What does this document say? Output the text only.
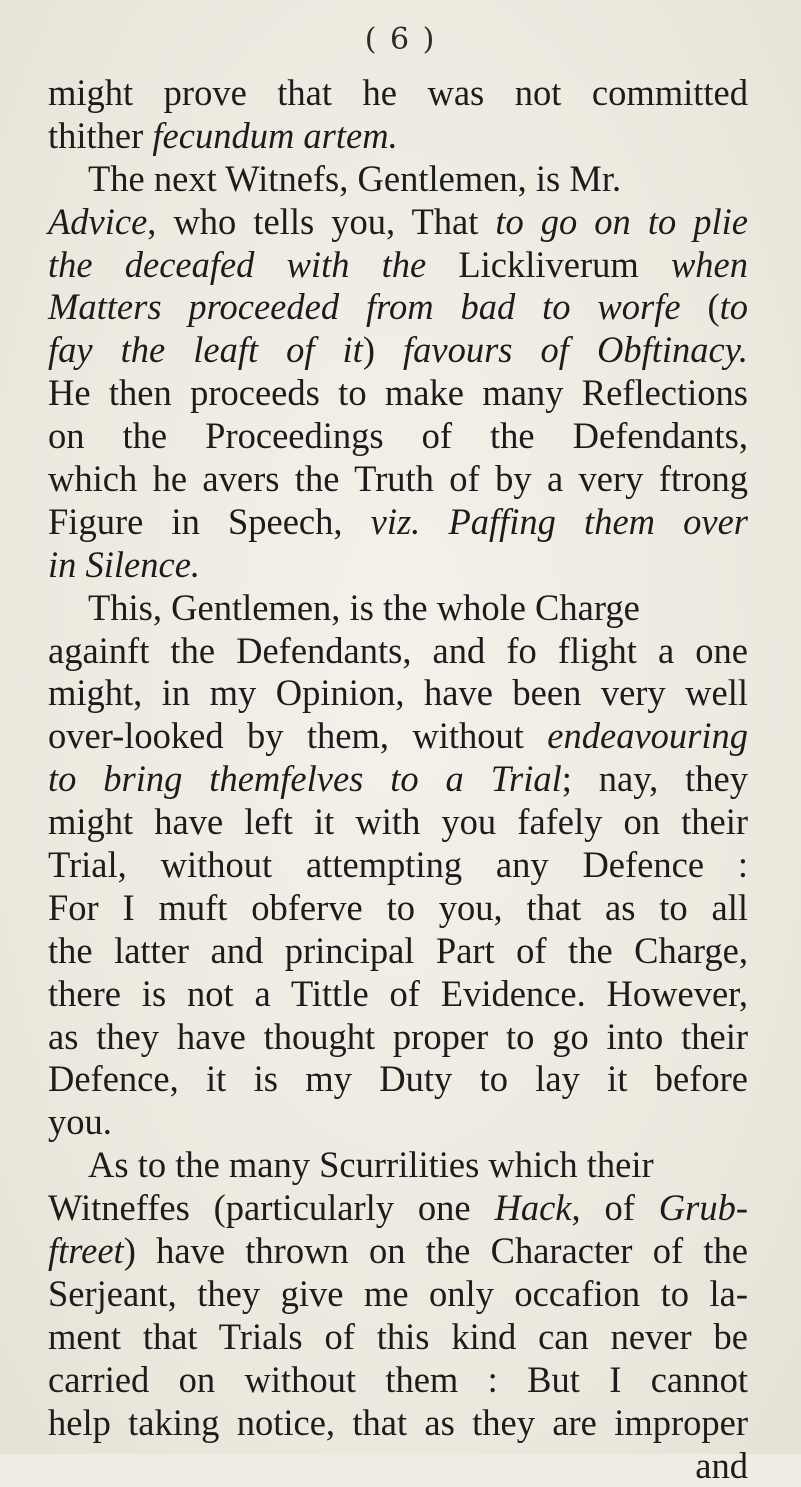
( 6 )
might prove that he was not committed
thither fecundum artem.
The next Witnefs, Gentlemen, is Mr.
Advice, who tells you, That to go on to plie
the deceafed with the Lickliverum when
Matters proceeded from bad to worfe (to
fay the leaft of it) favours of Obftinacy.
He then proceeds to make many Reflections
on the Proceedings of the Defendants,
which he avers the Truth of by a very ftrong
Figure in Speech, viz. Paffing them over
in Silence.
This, Gentlemen, is the whole Charge
againft the Defendants, and fo flight a one
might, in my Opinion, have been very well
over-looked by them, without endeavouring
to bring themfelves to a Trial; nay, they
might have left it with you fafely on their
Trial, without attempting any Defence :
For I muft obferve to you, that as to all
the latter and principal Part of the Charge,
there is not a Tittle of Evidence. However,
as they have thought proper to go into their
Defence, it is my Duty to lay it before
you.
As to the many Scurrilities which their
Witneffes (particularly one Hack, of Grub-
ftreet) have thrown on the Character of the
Serjeant, they give me only occafion to la-
ment that Trials of this kind can never be
carried on without them : But I cannot
help taking notice, that as they are improper
and
